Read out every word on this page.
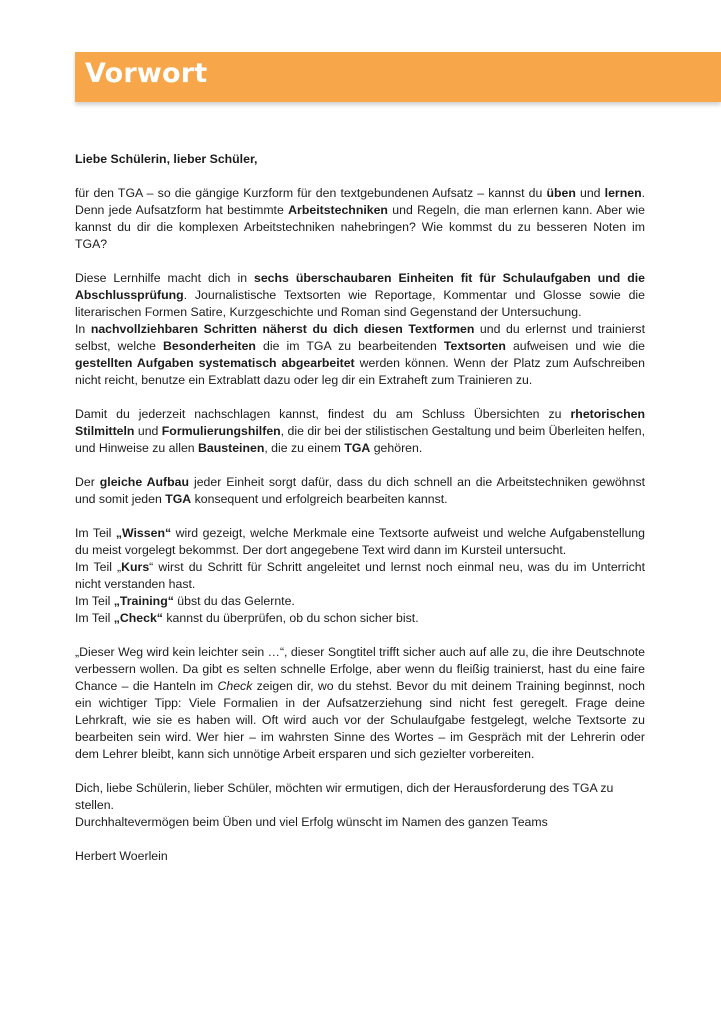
Vorwort

Liebe Schülerin, lieber Schüler,

für den TGA – so die gängige Kurzform für den textgebundenen Aufsatz – kannst du üben und lernen. Denn jede Aufsatzform hat bestimmte Arbeitstechniken und Regeln, die man erlernen kann. Aber wie kannst du dir die komplexen Arbeitstechniken nahebringen? Wie kommst du zu besseren Noten im TGA?

Diese Lernhilfe macht dich in sechs überschaubaren Einheiten fit für Schulaufgaben und die Abschlussprüfung. Journalistische Textsorten wie Reportage, Kommentar und Glosse sowie die literarischen Formen Satire, Kurzgeschichte und Roman sind Gegenstand der Untersuchung.
In nachvollziehbaren Schritten näherst du dich diesen Textformen und du erlernst und trainierst selbst, welche Besonderheiten die im TGA zu bearbeitenden Textsorten aufweisen und wie die gestellten Aufgaben systematisch abgearbeitet werden können. Wenn der Platz zum Aufschreiben nicht reicht, benutze ein Extrablatt dazu oder leg dir ein Extraheft zum Trainieren zu.

Damit du jederzeit nachschlagen kannst, findest du am Schluss Übersichten zu rhetorischen Stilmitteln und Formulierungshilfen, die dir bei der stilistischen Gestaltung und beim Überleiten helfen, und Hinweise zu allen Bausteinen, die zu einem TGA gehören.

Der gleiche Aufbau jeder Einheit sorgt dafür, dass du dich schnell an die Arbeitstechniken gewöhnst und somit jeden TGA konsequent und erfolgreich bearbeiten kannst.

Im Teil „Wissen“ wird gezeigt, welche Merkmale eine Textsorte aufweist und welche Aufgabenstellung du meist vorgelegt bekommst. Der dort angegebene Text wird dann im Kursteil untersucht.
Im Teil „Kurs“ wirst du Schritt für Schritt angeleitet und lernst noch einmal neu, was du im Unterricht nicht verstanden hast.
Im Teil „Training“ übst du das Gelernte.
Im Teil „Check“ kannst du überprüfen, ob du schon sicher bist.

„Dieser Weg wird kein leichter sein …“, dieser Songtitel trifft sicher auch auf alle zu, die ihre Deutschnote verbessern wollen. Da gibt es selten schnelle Erfolge, aber wenn du fleißig trainierst, hast du eine faire Chance – die Hanteln im Check zeigen dir, wo du stehst. Bevor du mit deinem Training beginnst, noch ein wichtiger Tipp: Viele Formalien in der Aufsatzerziehung sind nicht fest geregelt. Frage deine Lehrkraft, wie sie es haben will. Oft wird auch vor der Schulaufgabe festgelegt, welche Textsorte zu bearbeiten sein wird. Wer hier – im wahrsten Sinne des Wortes – im Gespräch mit der Lehrerin oder dem Lehrer bleibt, kann sich unnötige Arbeit ersparen und sich gezielter vorbereiten.

Dich, liebe Schülerin, lieber Schüler, möchten wir ermutigen, dich der Herausforderung des TGA zu stellen.
Durchhaltevermögen beim Üben und viel Erfolg wünscht im Namen des ganzen Teams

Herbert Woerlein
